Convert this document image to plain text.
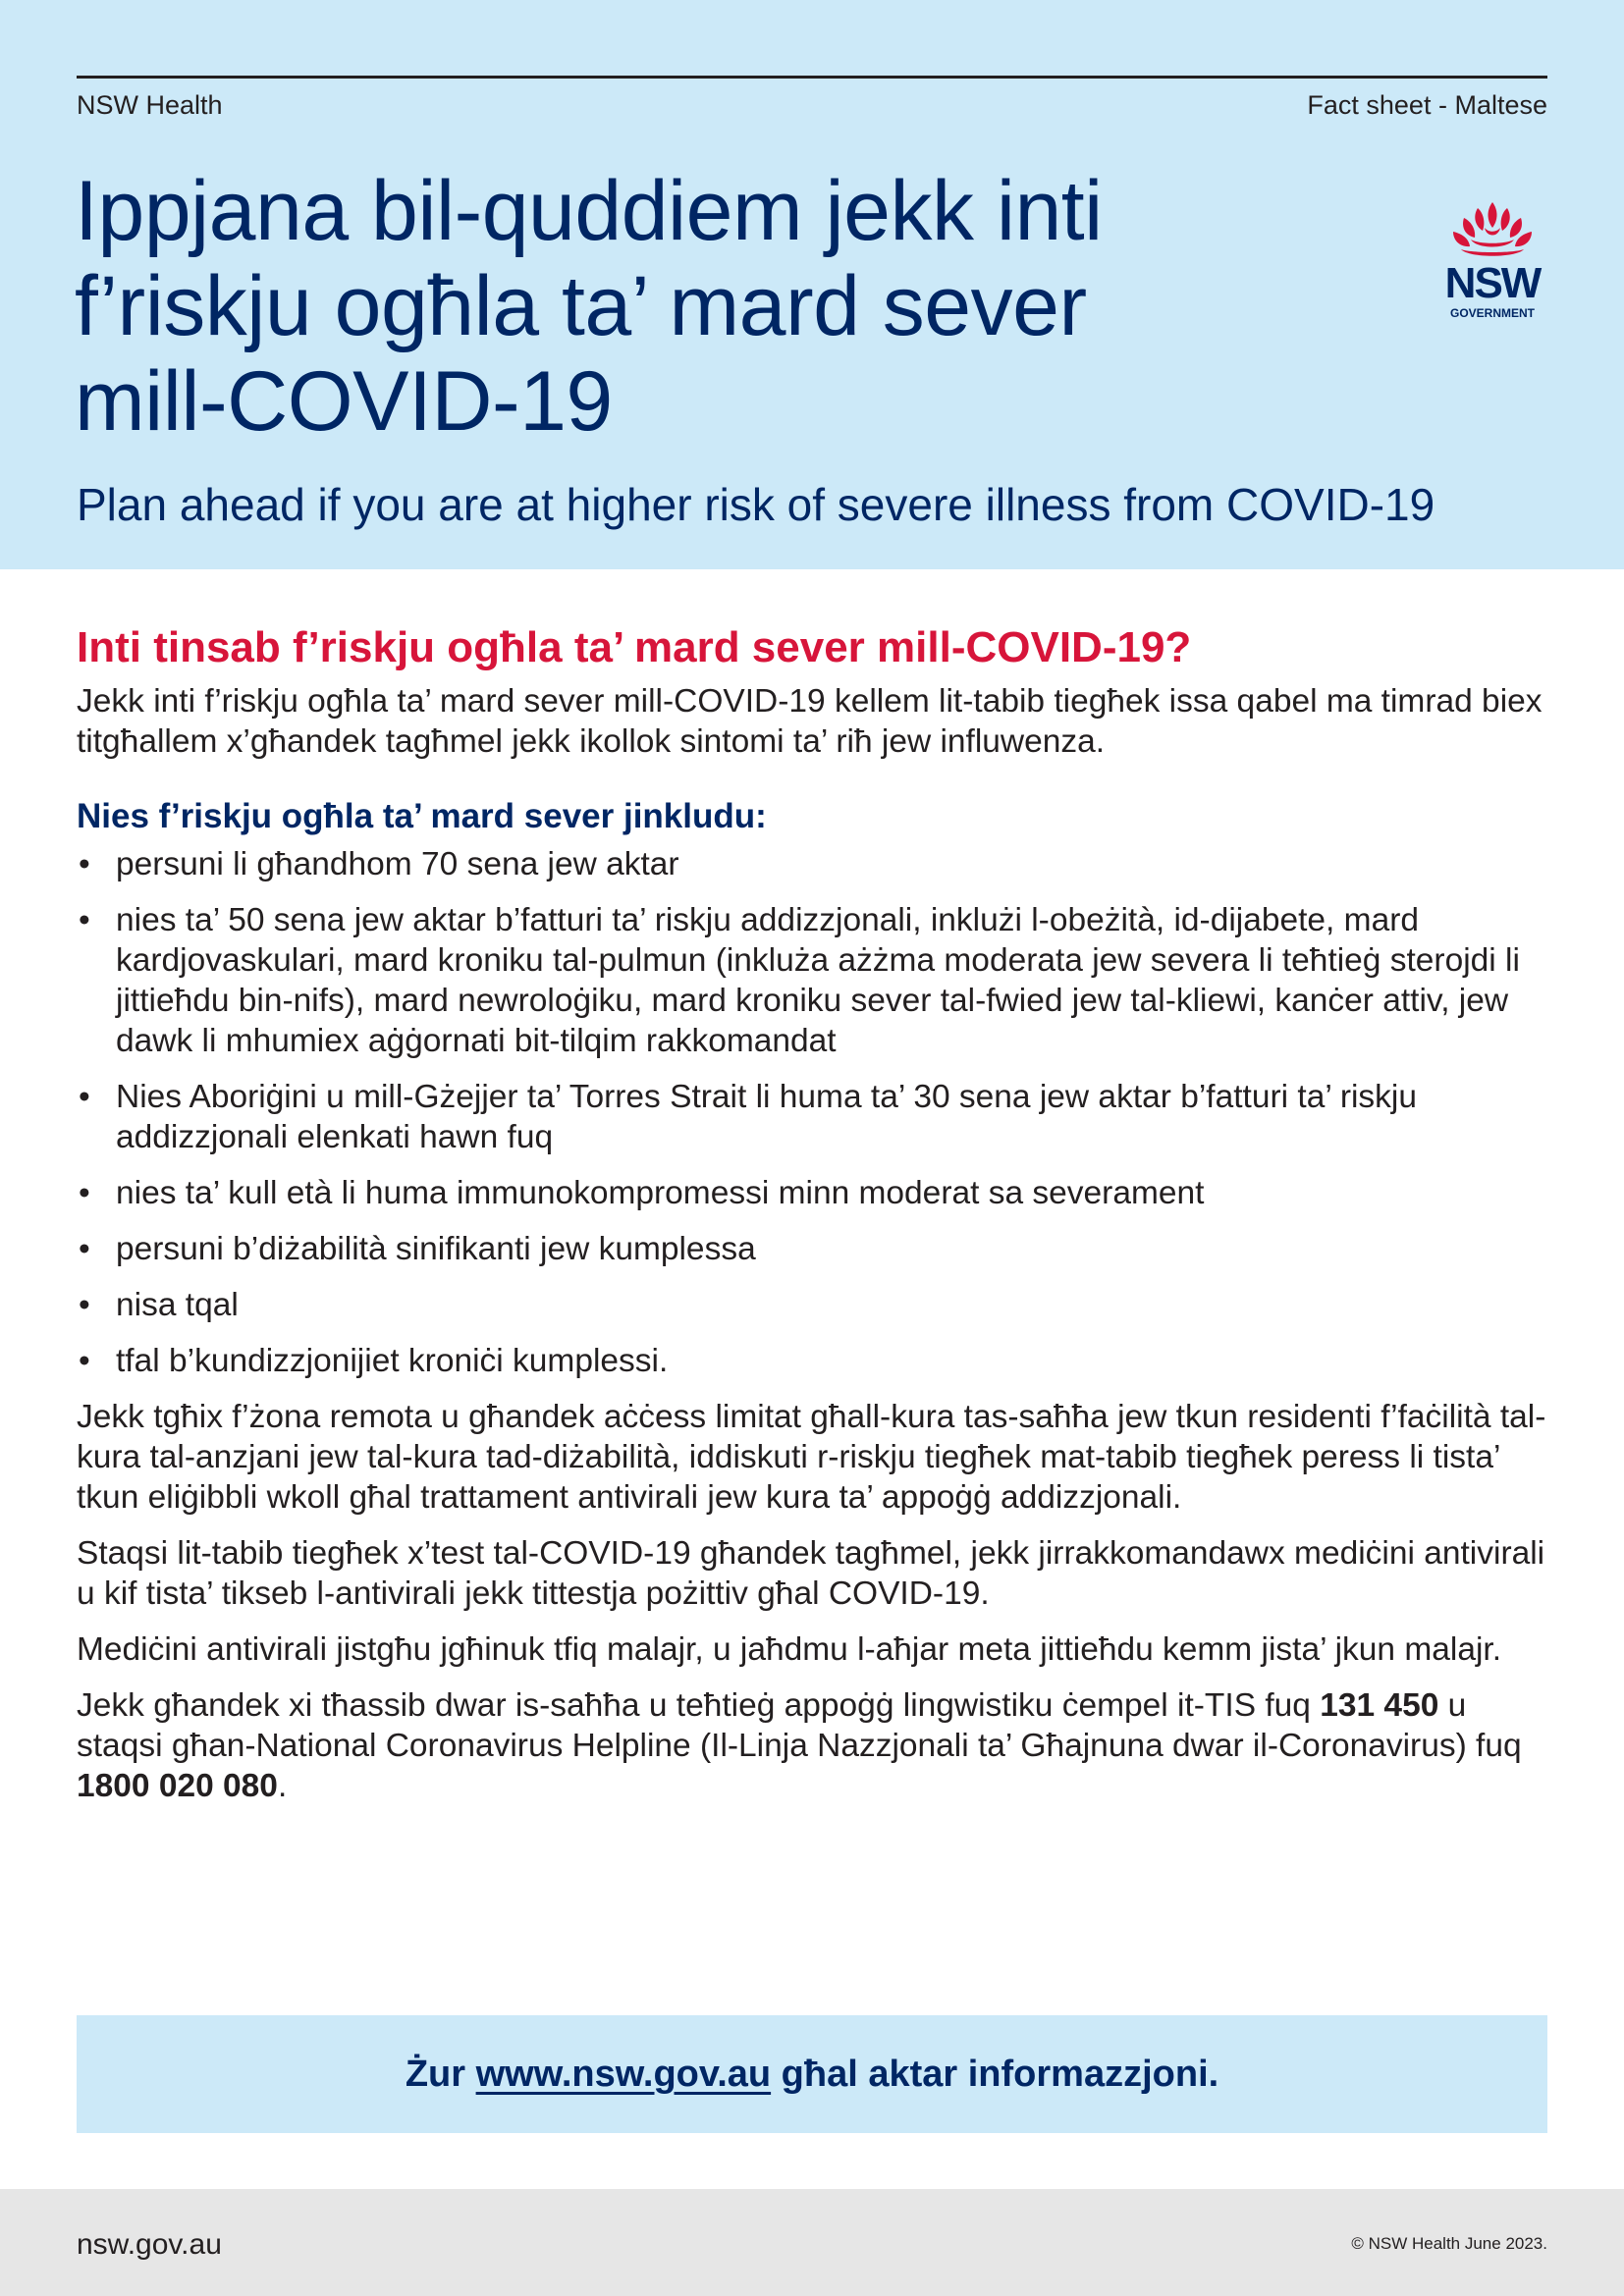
NSW Health	Fact sheet - Maltese
Ippjana bil-quddiem jekk inti
f’riskju ogħla ta’ mard sever
mill-COVID-19
Plan ahead if you are at higher risk of severe illness from COVID-19
NSW
GOVERNMENT
Inti tinsab f’riskju ogħla ta’ mard sever mill-COVID-19?

Jekk inti f’riskju ogħla ta’ mard sever mill-COVID-19 kellem lit-tabib tiegħek issa qabel ma timrad biex titgħallem x’għandek tagħmel jekk ikollok sintomi ta’ riħ jew influwenza.

Nies f’riskju ogħla ta’ mard sever jinkludu:
• persuni li għandhom 70 sena jew aktar
• nies ta’ 50 sena jew aktar b’fatturi ta’ riskju addizzjonali, inklużi l-obeżità, id-dijabete, mard kardjovaskulari, mard kroniku tal-pulmun (inkluża ażżma moderata jew severa li teħtieġ sterojdi li jittieħdu bin-nifs), mard newroloġiku, mard kroniku sever tal-fwied jew tal-kliewi, kanċer attiv, jew dawk li mhumiex aġġornati bit-tilqim rakkomandat
• Nies Aboriġini u mill-Gżejjer ta’ Torres Strait li huma ta’ 30 sena jew aktar b’fatturi ta’ riskju addizzjonali elenkati hawn fuq
• nies ta’ kull età li huma immunokompromessi minn moderat sa severament
• persuni b’diżabilità sinifikanti jew kumplessa
• nisa tqal
• tfal b’kundizzjonijiet kroniċi kumplessi.

Jekk tgħix f’żona remota u għandek aċċess limitat għall-kura tas-saħħa jew tkun residenti f’faċilità tal-kura tal-anzjani jew tal-kura tad-diżabilità, iddiskuti r-riskju tiegħek mat-tabib tiegħek peress li tista’ tkun eliġibbli wkoll għal trattament antivirali jew kura ta’ appoġġ addizzjonali.

Staqsi lit-tabib tiegħek x’test tal-COVID-19 għandek tagħmel, jekk jirrakkomandawx mediċini antivirali u kif tista’ tikseb l-antivirali jekk tittestja pożittiv għal COVID-19.

Mediċini antivirali jistgħu jgħinuk tfiq malajr, u jaħdmu l-aħjar meta jittieħdu kemm jista’ jkun malajr.

Jekk għandek xi tħassib dwar is-saħħa u teħtieġ appoġġ lingwistiku ċempel it-TIS fuq 131 450 u staqsi għan-National Coronavirus Helpline (Il-Linja Nazzjonali ta’ Għajnuna dwar il-Coronavirus) fuq 1800 020 080.

Żur www.nsw.gov.au għal aktar informazzjoni.
nsw.gov.au	© NSW Health June 2023.
